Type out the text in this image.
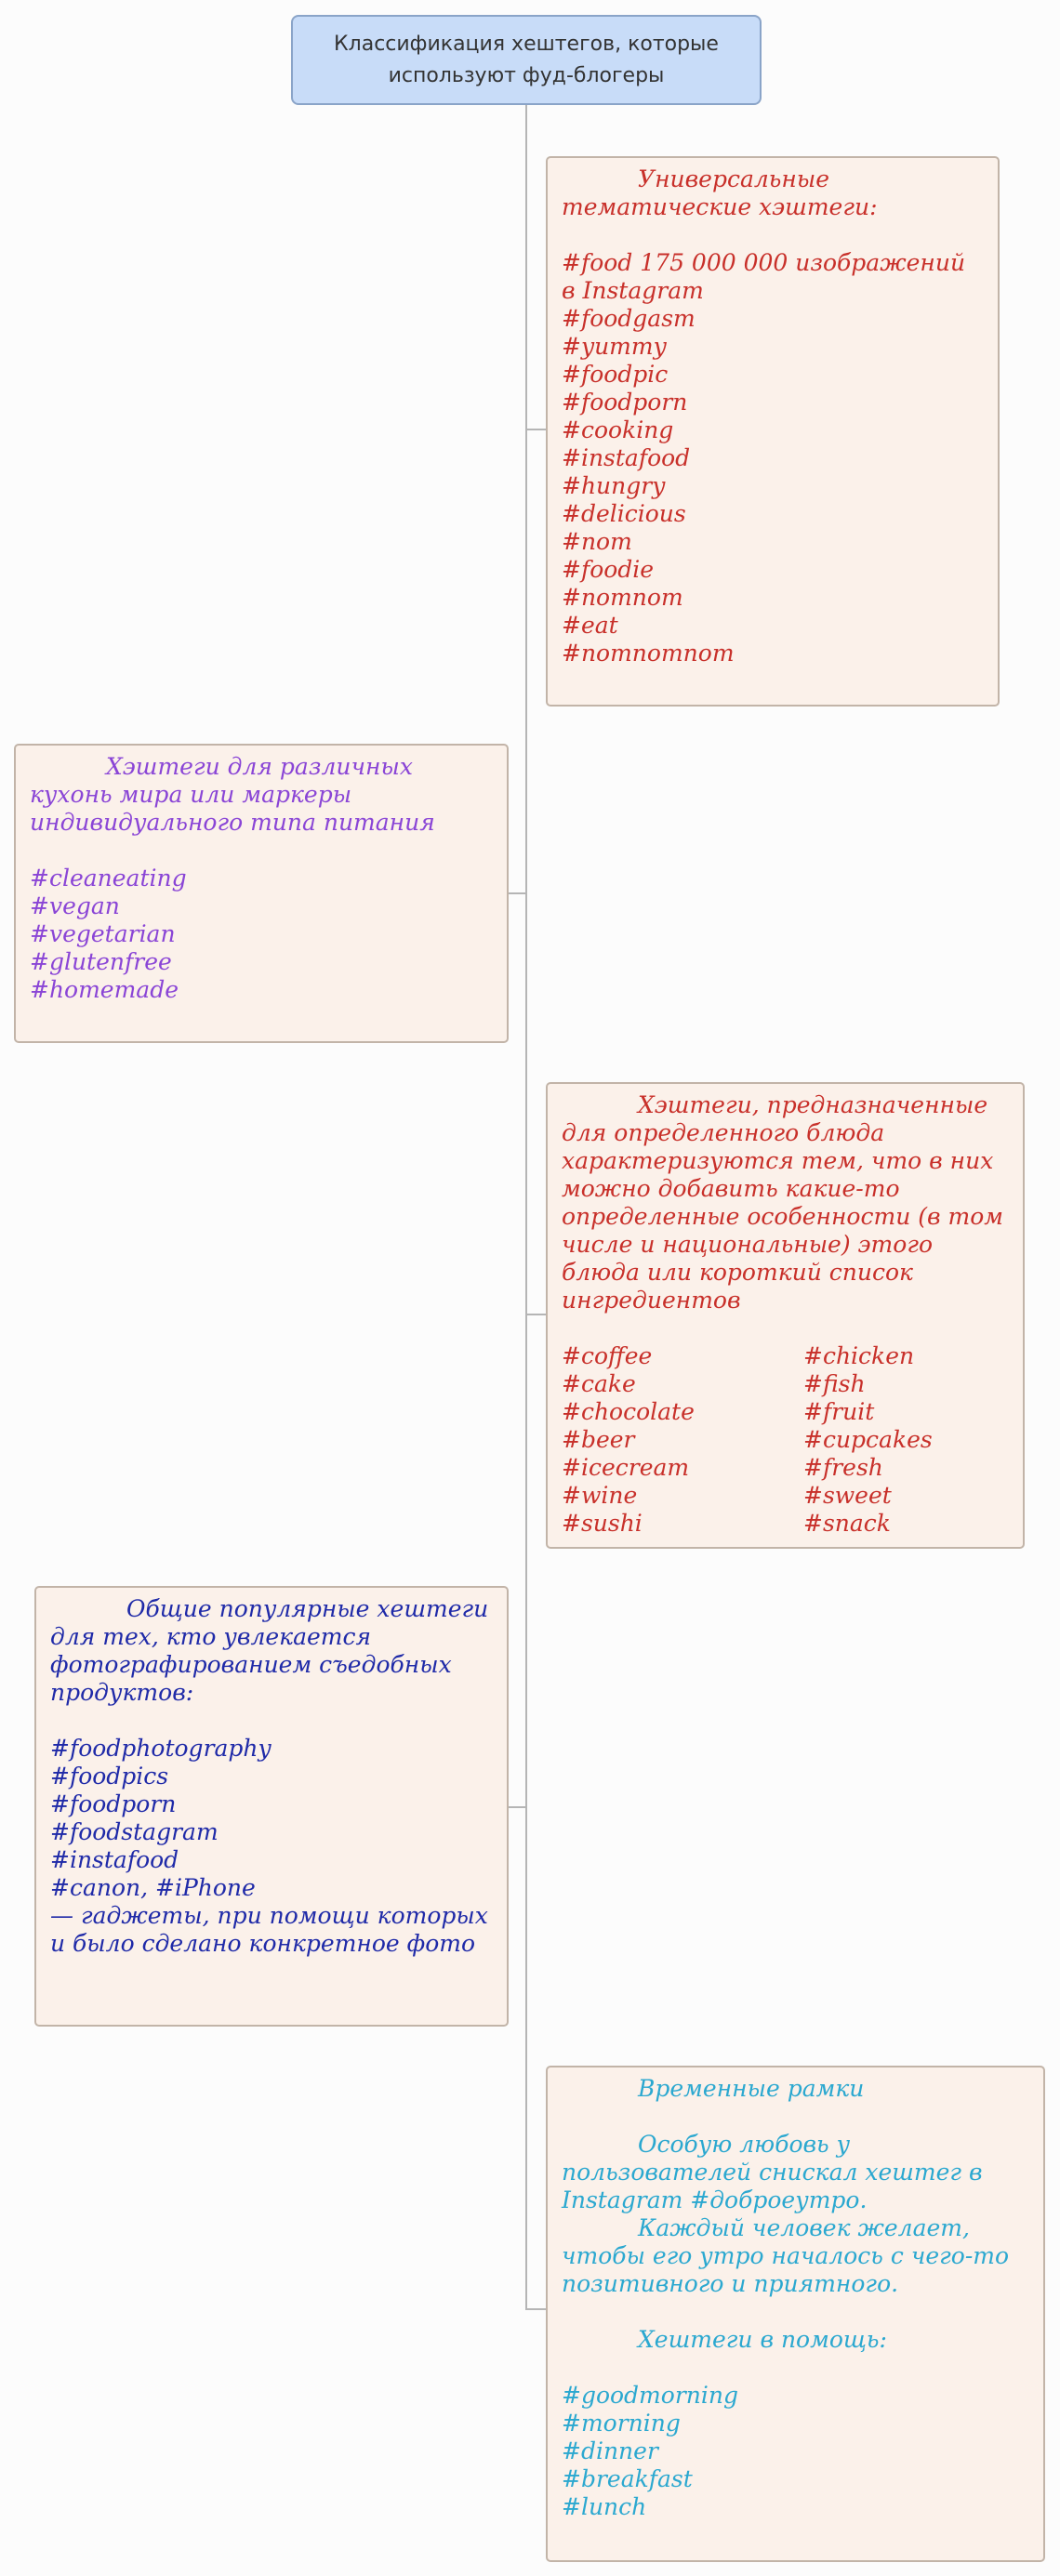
Классификация хештегов, которые
используют фуд-блогеры
Универсальные тематические хэштеги:
#food 175 000 000 изображений в Instagram
#foodgasm
#yummy
#foodpic
#foodporn
#cooking
#instafood
#hungry
#delicious
#nom
#foodie
#nomnom
#eat
#nomnomnom
Хэштеги для различных кухонь мира или маркеры индивидуального типа питания
#cleaneating
#vegan
#vegetarian
#glutenfree
#homemade
Хэштеги, предназначенные для определенного блюда характеризуются тем, что в них можно добавить какие-то определенные особенности (в том числе и национальные) этого блюда или короткий список ингредиентов
#coffee	#chicken
#cake	#fish
#chocolate	#fruit
#beer	#cupcakes
#icecream	#fresh
#wine	#sweet
#sushi	#snack
Общие популярные хештеги для тех, кто увлекается фотографированием съедобных продуктов:
#foodphotography
#foodpics
#foodporn
#foodstagram
#instafood
#canon, #iPhone
— гаджеты, при помощи которых и было сделано конкретное фото
Временные рамки
Особую любовь у пользователей снискал хештег в Instagram #доброеутро.
Каждый человек желает, чтобы его утро началось с чего-то позитивного и приятного.
Хештеги в помощь:
#goodmorning
#morning
#dinner
#breakfast
#lunch
